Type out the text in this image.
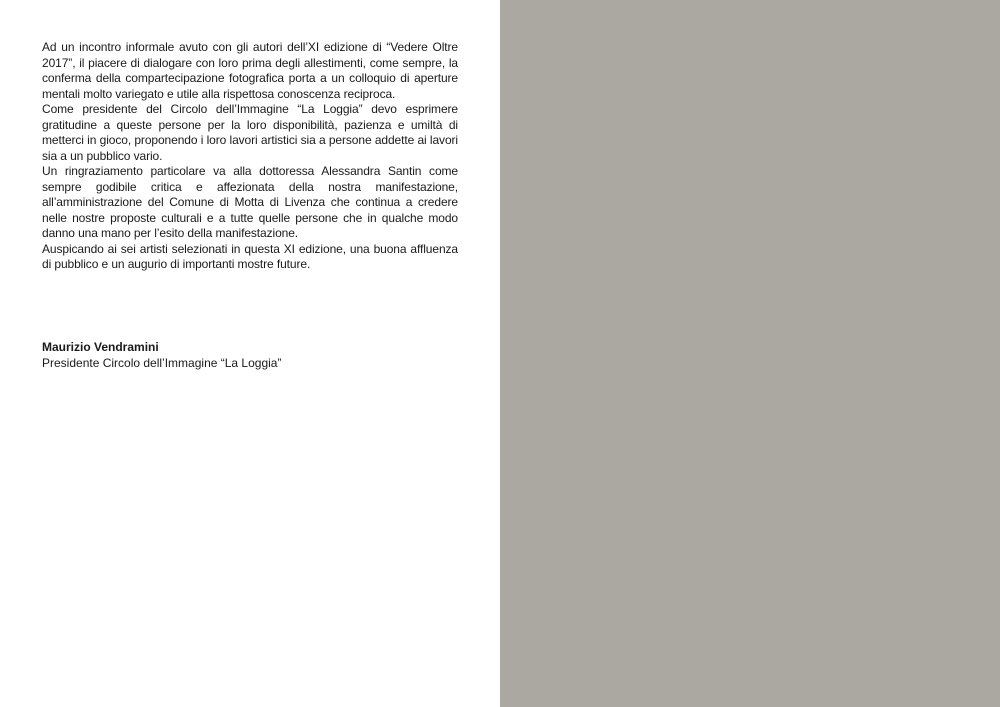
Ad un incontro informale avuto con gli autori dell’XI edizione di “Vedere Oltre 2017”, il piacere di dialogare con loro prima degli allestimenti, come sempre, la conferma della compartecipazione fotografica porta a un colloquio di aperture mentali molto variegato e utile alla rispettosa conoscenza reciproca.

Come presidente del Circolo dell’Immagine “La Loggia” devo esprimere gratitudine a queste persone per la loro disponibilità, pazienza e umiltà di metterci in gioco, proponendo i loro lavori artistici sia a persone addette ai lavori sia a un pubblico vario.

Un ringraziamento particolare va alla dottoressa Alessandra Santin come sempre godibile critica e affezionata della nostra manifestazione, all’amministrazione del Comune di Motta di Livenza che continua a credere nelle nostre proposte culturali e a tutte quelle persone che in qualche modo danno una mano per l’esito della manifestazione.

Auspicando ai sei artisti selezionati in questa XI edizione, una buona affluenza di pubblico e un augurio di importanti mostre future.

Maurizio Vendramini
Presidente Circolo dell’Immagine “La Loggia”
